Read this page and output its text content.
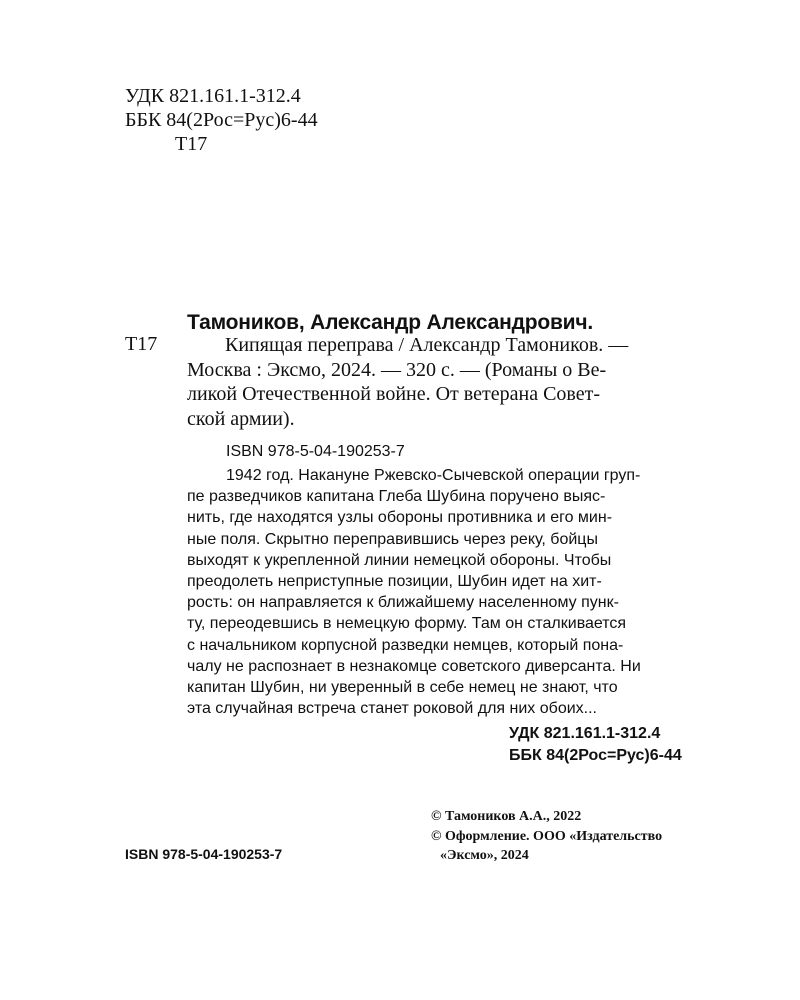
УДК 821.161.1-312.4
ББК 84(2Рос=Рус)6-44
Т17
Тамоников, Александр Александрович.
Т17	Кипящая переправа / Александр Тамоников. —
Москва : Эксмо, 2024. — 320 с. — (Романы о Ве-
ликой Отечественной войне. От ветерана Совет-
ской армии).
ISBN 978-5-04-190253-7
1942 год. Накануне Ржевско-Сычевской операции груп-
пе разведчиков капитана Глеба Шубина поручено выяс-
нить, где находятся узлы обороны противника и его мин-
ные поля. Скрытно переправившись через реку, бойцы
выходят к укрепленной линии немецкой обороны. Чтобы
преодолеть неприступные позиции, Шубин идет на хит-
рость: он направляется к ближайшему населенному пунк-
ту, переодевшись в немецкую форму. Там он сталкивается
с начальником корпусной разведки немцев, который пона-
чалу не распознает в незнакомце советского диверсанта. Ни
капитан Шубин, ни уверенный в себе немец не знают, что
эта случайная встреча станет роковой для них обоих...
УДК 821.161.1-312.4
ББК 84(2Рос=Рус)6-44
© Тамоников А.А., 2022
© Оформление. ООО «Издательство
«Эксмо», 2024
ISBN 978-5-04-190253-7
